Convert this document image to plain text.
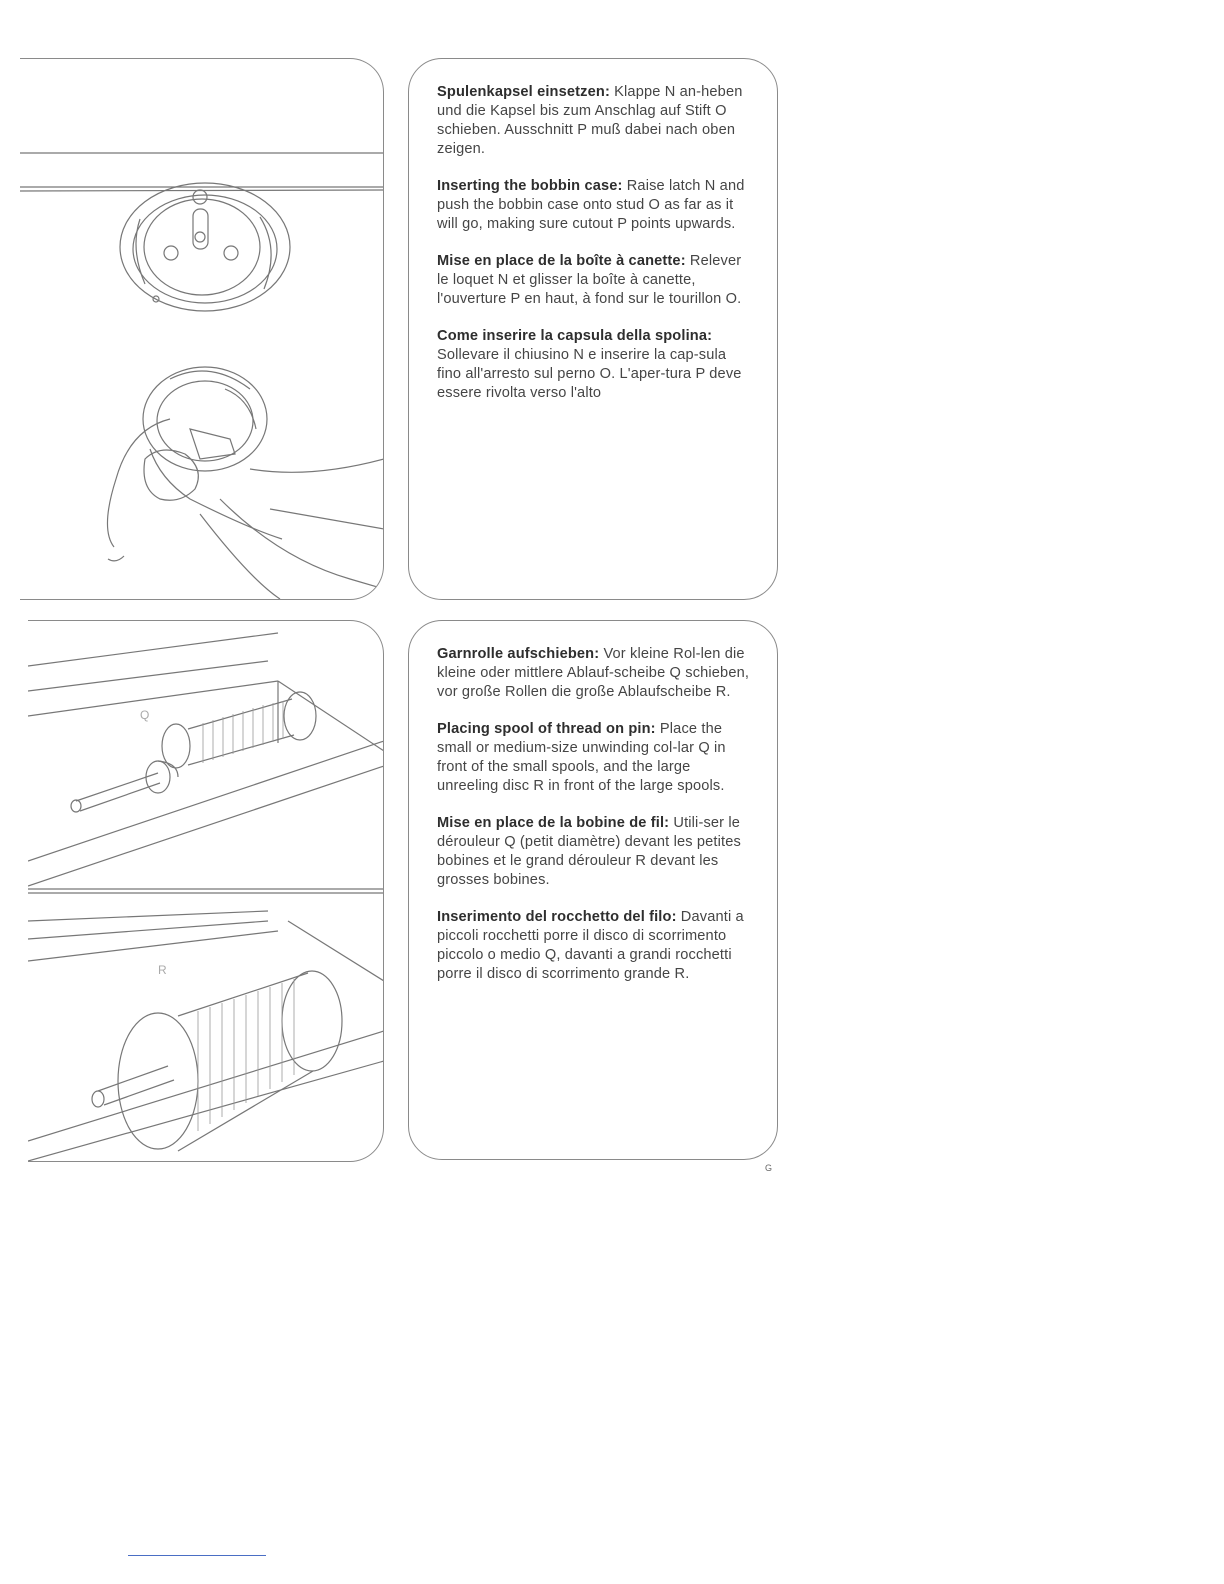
Spulenkapsel einsetzen: Klappe N an-heben und die Kapsel bis zum Anschlag auf Stift O schieben. Ausschnitt P muß dabei nach oben zeigen.

Inserting the bobbin case: Raise latch N and push the bobbin case onto stud O as far as it will go, making sure cutout P points upwards.

Mise en place de la boîte à canette: Relever le loquet N et glisser la boîte à canette, l'ouverture P en haut, à fond sur le tourillon O.

Come inserire la capsula della spolina: Sollevare il chiusino N e inserire la cap-sula fino all'arresto sul perno O. L'aper-tura P deve essere rivolta verso l'alto

Q
R

Garnrolle aufschieben: Vor kleine Rol-len die kleine oder mittlere Ablauf-scheibe Q schieben, vor große Rollen die große Ablaufscheibe R.

Placing spool of thread on pin: Place the small or medium-size unwinding col-lar Q in front of the small spools, and the large unreeling disc R in front of the large spools.

Mise en place de la bobine de fil: Utili-ser le dérouleur Q (petit diamètre) devant les petites bobines et le grand dérouleur R devant les grosses bobines.

Inserimento del rocchetto del filo: Davanti a piccoli rocchetti porre il disco di scorrimento piccolo o medio Q, davanti a grandi rocchetti porre il disco di scorrimento grande R.

G
